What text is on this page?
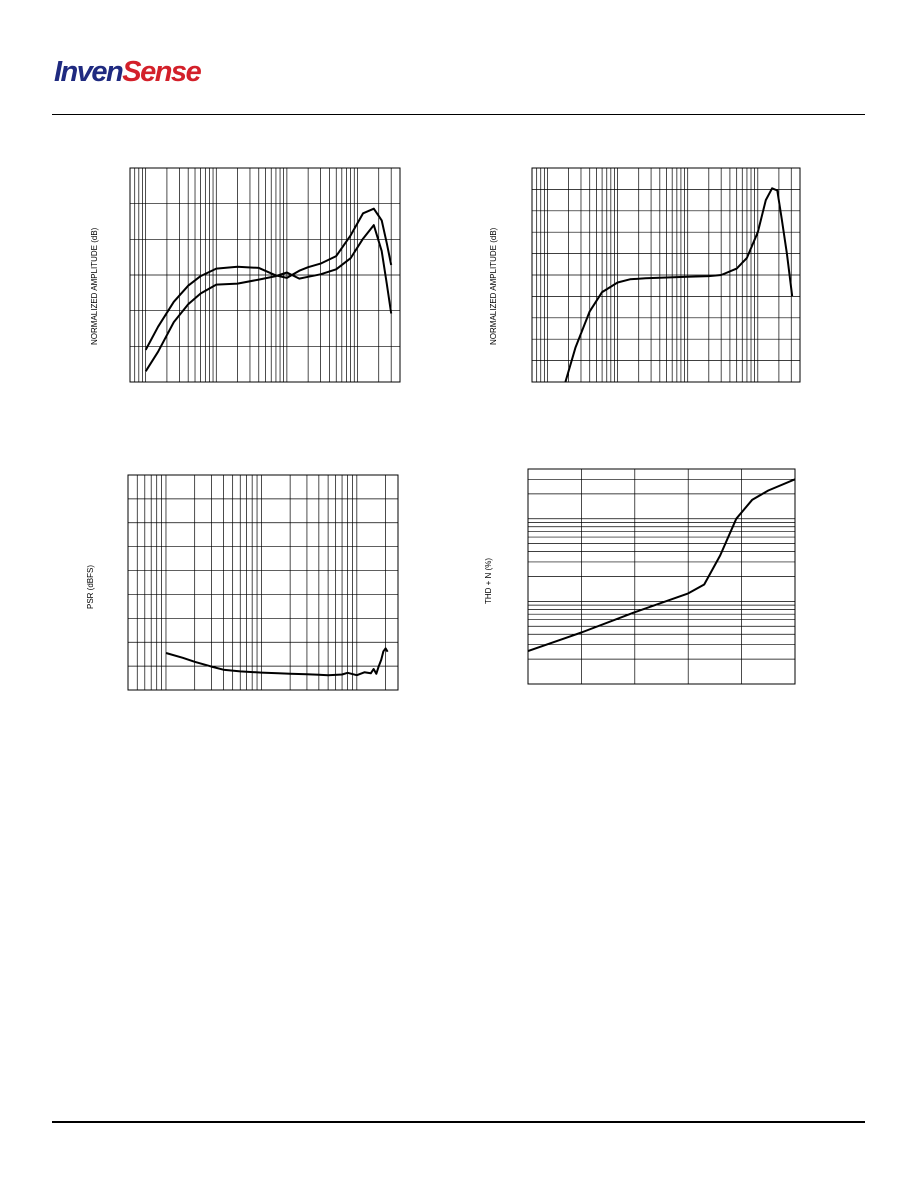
InvenSense
NORMALIZED AMPLITUDE (dB)	NORMALIZED AMPLITUDE (dB)
PSR (dBFS)	THD + N (%)
